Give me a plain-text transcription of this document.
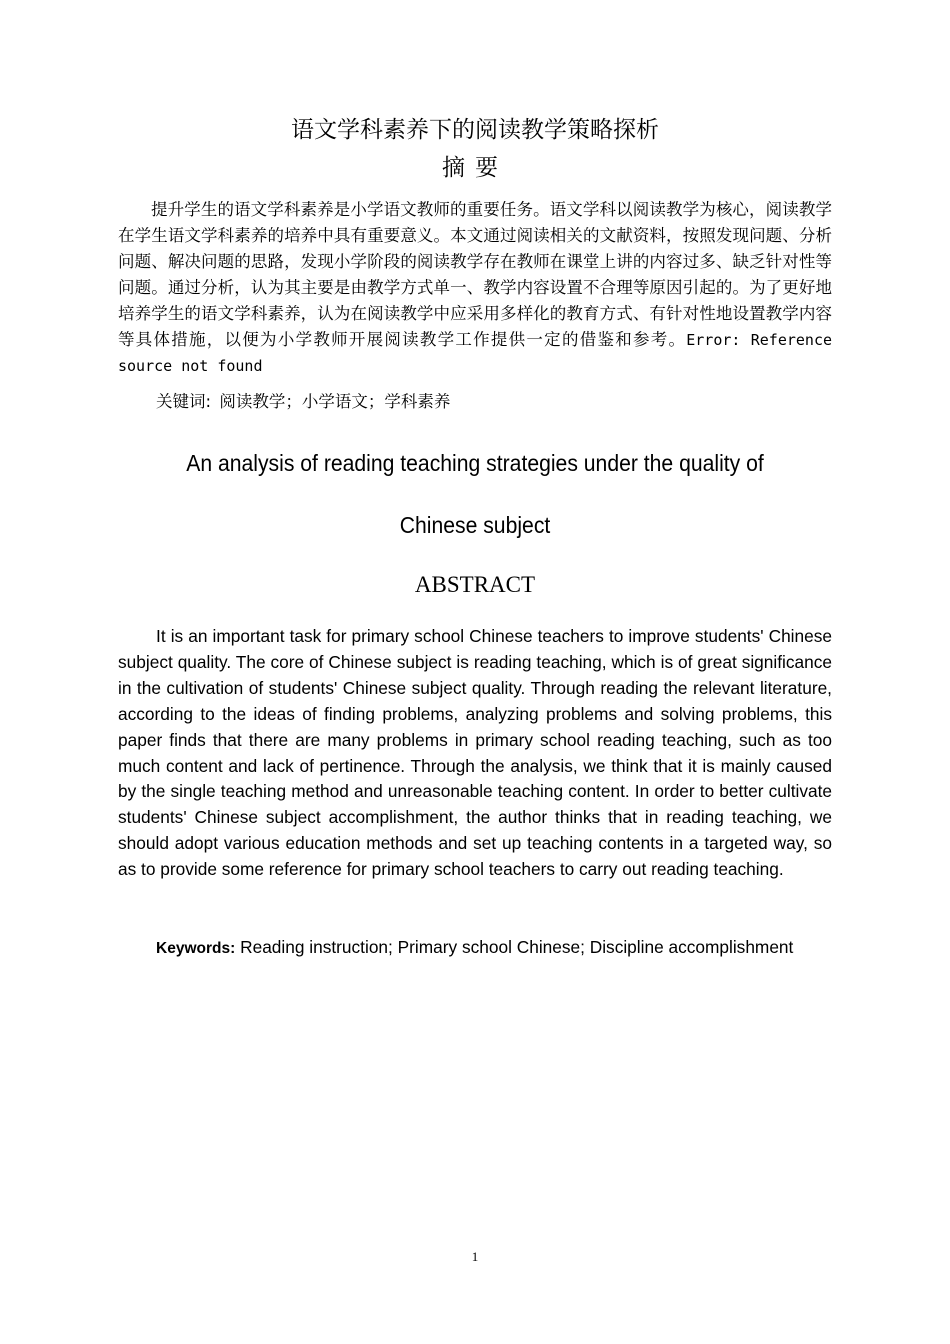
语文学科素养下的阅读教学策略探析
摘要

提升学生的语文学科素养是小学语文教师的重要任务。语文学科以阅读教学为核心，阅读教学在学生语文学科素养的培养中具有重要意义。本文通过阅读相关的文献资料，按照发现问题、分析问题、解决问题的思路，发现小学阶段的阅读教学存在教师在课堂上讲的内容过多、缺乏针对性等问题。通过分析，认为其主要是由教学方式单一、教学内容设置不合理等原因引起的。为了更好地培养学生的语文学科素养，认为在阅读教学中应采用多样化的教育方式、有针对性地设置教学内容等具体措施，以便为小学教师开展阅读教学工作提供一定的借鉴和参考。Error: Reference source not found

关键词: 阅读教学；小学语文；学科素养

An analysis of reading teaching strategies under the quality of Chinese subject

ABSTRACT

It is an important task for primary school Chinese teachers to improve students' Chinese subject quality. The core of Chinese subject is reading teaching, which is of great significance in the cultivation of students' Chinese subject quality. Through reading the relevant literature, according to the ideas of finding problems, analyzing problems and solving problems, this paper finds that there are many problems in primary school reading teaching, such as too much content and lack of pertinence. Through the analysis, we think that it is mainly caused by the single teaching method and unreasonable teaching content. In order to better cultivate students' Chinese subject accomplishment, the author thinks that in reading teaching, we should adopt various education methods and set up teaching contents in a targeted way, so as to provide some reference for primary school teachers to carry out reading teaching.

Keywords: Reading instruction; Primary school Chinese; Discipline accomplishment

1
